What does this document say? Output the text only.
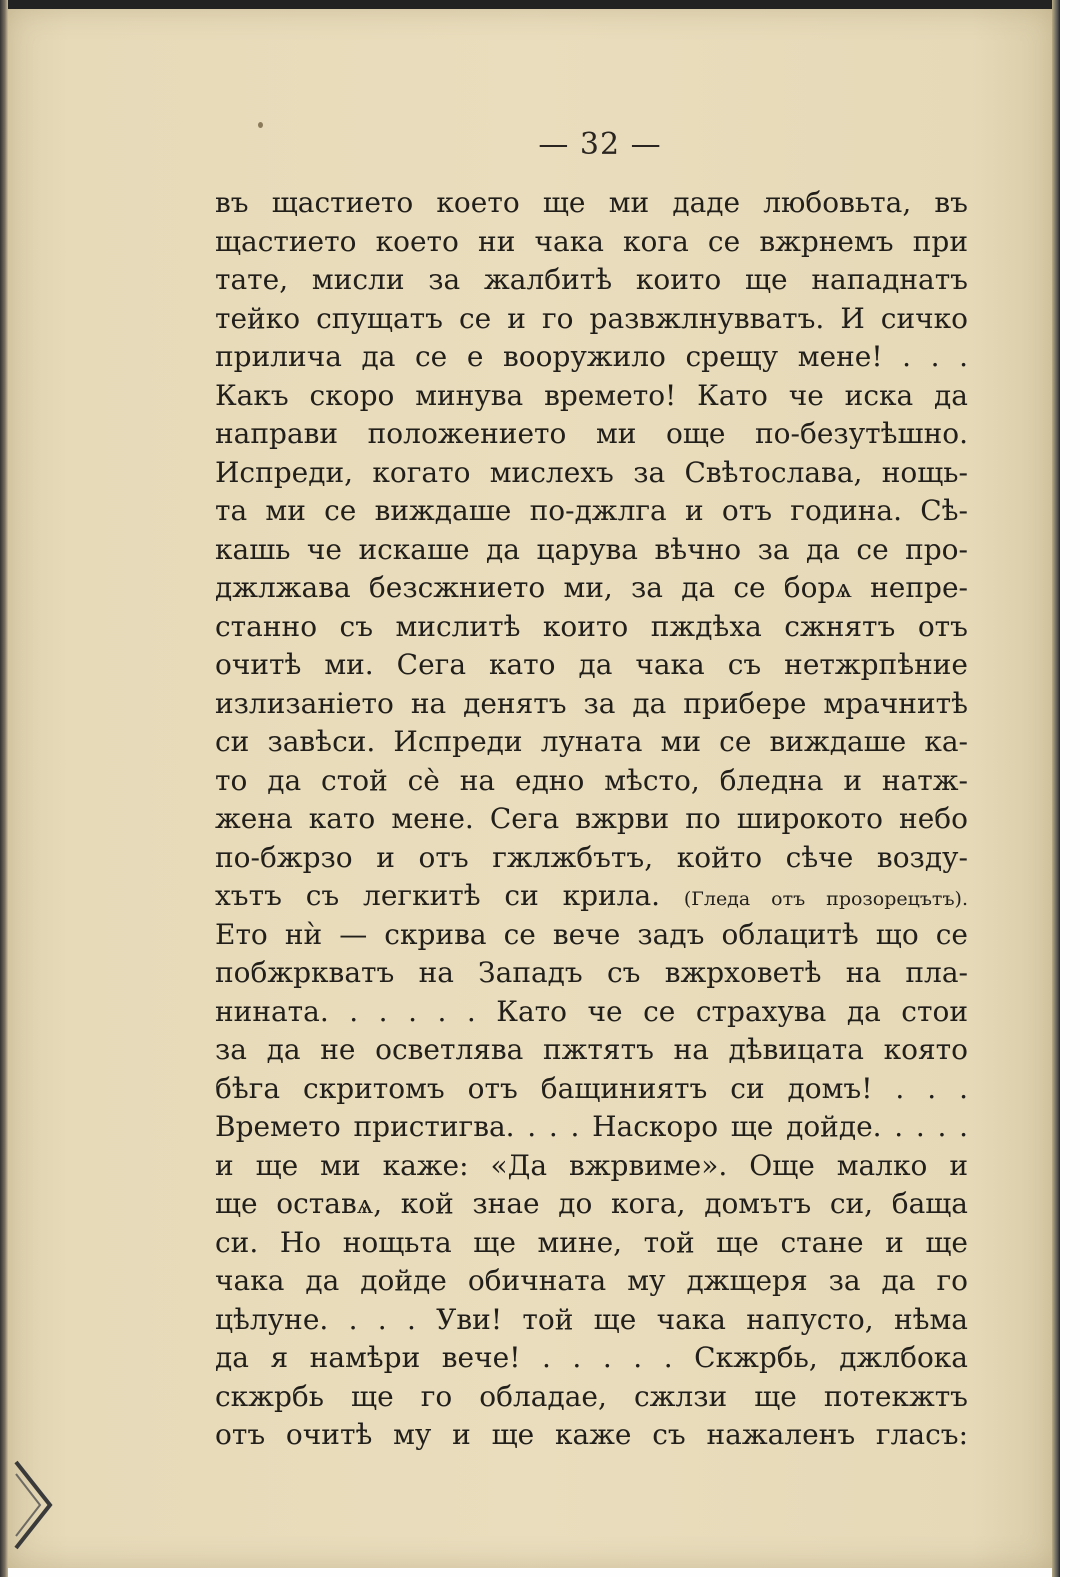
— 32 —
въ щастието което ще ми даде любовьта, въ
щастието което ни чака кога се вжрнемъ при
тате, мисли за жалбитѣ които ще нападнатъ
тейко спущатъ се и го развжлнувватъ. И сичко
прилича да се е вооружило срещу мене! . . .
Какъ скоро минува времето! Като че иска да
направи положението ми още по-безутѣшно.
Испреди, когато мислехъ за Свѣтослава, нощь-
та ми се виждаше по-джлга и отъ година. Сѣ-
кашь че искаше да царува вѣчно за да се про-
джлжава безсжнието ми, за да се борѧ непре-
станно съ мислитѣ които пждѣха сжнятъ отъ
очитѣ ми. Сега като да чака съ нетжрпѣние
излизаніето на денятъ за да прибере мрачнитѣ
си завѣси. Испреди луната ми се виждаше ка-
то да стой сѐ на едно мѣсто, бледна и натж-
жена като мене. Сега вжрви по широкото небо
по-бжрзо и отъ гжлжбътъ, който сѣче возду-
хътъ съ легкитѣ си крила. (Гледа отъ прозорецътъ).
Ето нѝ — скрива се вече задъ облацитѣ що се
побжркватъ на Западъ съ вжрховетѣ на пла-
нината. . . . . . Като че се страхува да стои
за да не осветлява пжтятъ на дѣвицата която
бѣга скритомъ отъ бащиниятъ си домъ! . . .
Времето пристигва. . . . Наскоро ще дойде. . . . .
и ще ми каже: «Да вжрвиме». Още малко и
ще оставѧ, кой знае до кога, домътъ си, баща
си. Но нощьта ще мине, той ще стане и ще
чака да дойде обичната му джщеря за да го
цѣлуне. . . . Уви! той ще чака напусто, нѣма
да я намѣри вече! . . . . . Скжрбь, джлбока
скжрбь ще го обладае, сжлзи ще потекжтъ
отъ очитѣ му и ще каже съ нажаленъ гласъ:
